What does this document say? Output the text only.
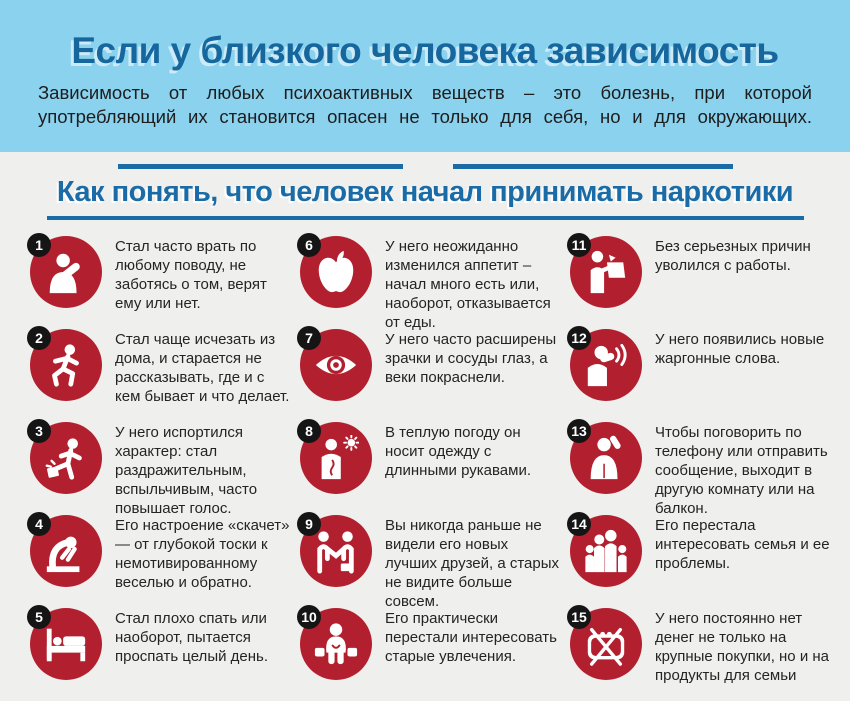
Если у близкого человека зависимость

Зависимость от любых психоактивных веществ – это болезнь, при которой употребляющий их становится опасен не только для себя, но и для окружающих.

Как понять, что человек начал принимать наркотики
1	Стал часто врать по любому поводу, не заботясь о том, верят ему или нет.
2	Стал чаще исчезать из дома, и старается не рассказывать, где и с кем бывает и что делает.
3	У него испортился характер: стал раздражительным, вспыльчивым, часто повышает голос.
4	Его настроение «скачет» — от глубокой тоски к немотивированному веселью и обратно.
5	Стал плохо спать или наоборот, пытается проспать целый день.
6	У него неожиданно изменился аппетит – начал много есть или, наоборот, отказывается от еды.
7	У него часто расширены зрачки и сосуды глаз, а веки покраснели.
8	В теплую погоду он носит одежду с длинными рукавами.
9	Вы никогда раньше не видели его новых лучших друзей, а старых не видите больше совсем.
10	Его практически перестали интересовать старые увлечения.
11	Без серьезных причин уволился с работы.
12	У него появились новые жаргонные слова.
13	Чтобы поговорить по телефону или отправить сообщение, выходит в другую комнату или на балкон.
14	Его перестала интересовать семья и ее проблемы.
15	У него постоянно нет денег не только на крупные покупки, но и на продукты для семьи
